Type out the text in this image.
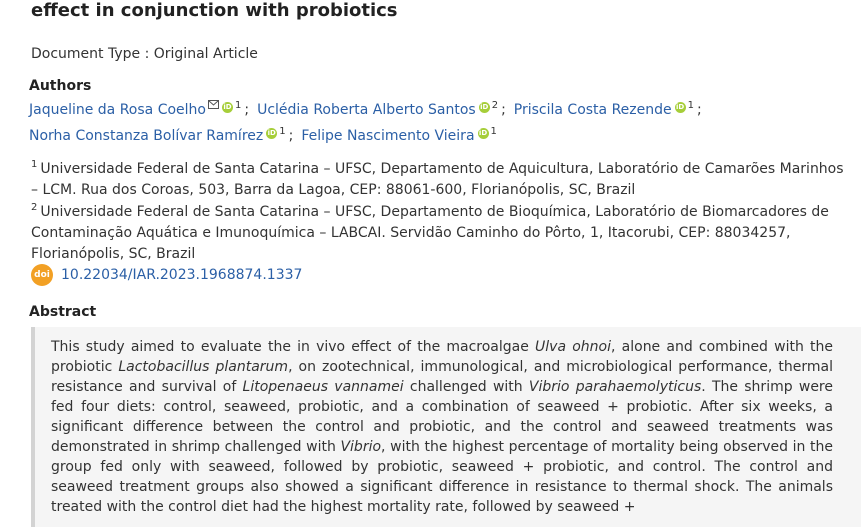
effect in conjunction with probiotics
Document Type : Original Article
Authors
Jaqueline da Rosa Coelho iD $^1$ ; Uclédia Roberta Alberto Santos iD $^2$ ; Priscila Costa Rezende iD $^1$ ;
Norha Constanza Bolívar Ramírez iD $^1$ ; Felipe Nascimento Vieira iD $^1$
$^1$ Universidade Federal de Santa Catarina – UFSC, Departamento de Aquicultura, Laboratório de Camarões Marinhos – LCM. Rua dos Coroas, 503, Barra da Lagoa, CEP: 88061-600, Florianópolis, SC, Brazil
$^2$ Universidade Federal de Santa Catarina – UFSC, Departamento de Bioquímica, Laboratório de Biomarcadores de Contaminação Aquática e Imunoquímica – LABCAI. Servidão Caminho do Pôrto, 1, Itacorubi, CEP: 88034257, Florianópolis, SC, Brazil
doi 10.22034/IAR.2023.1968874.1337
Abstract

This study aimed to evaluate the in vivo effect of the macroalgae Ulva ohnoi, alone and combined with the probiotic Lactobacillus plantarum, on zootechnical, immunological, and microbiological performance, thermal resistance and survival of Litopenaeus vannamei challenged with Vibrio parahaemolyticus. The shrimp were fed four diets: control, seaweed, probiotic, and a combination of seaweed + probiotic. After six weeks, a significant difference between the control and probiotic, and the control and seaweed treatments was demonstrated in shrimp challenged with Vibrio, with the highest percentage of mortality being observed in the group fed only with seaweed, followed by probiotic, seaweed + probiotic, and control. The control and seaweed treatment groups also showed a significant difference in resistance to thermal shock. The animals treated with the control diet had the highest mortality rate, followed by seaweed +
